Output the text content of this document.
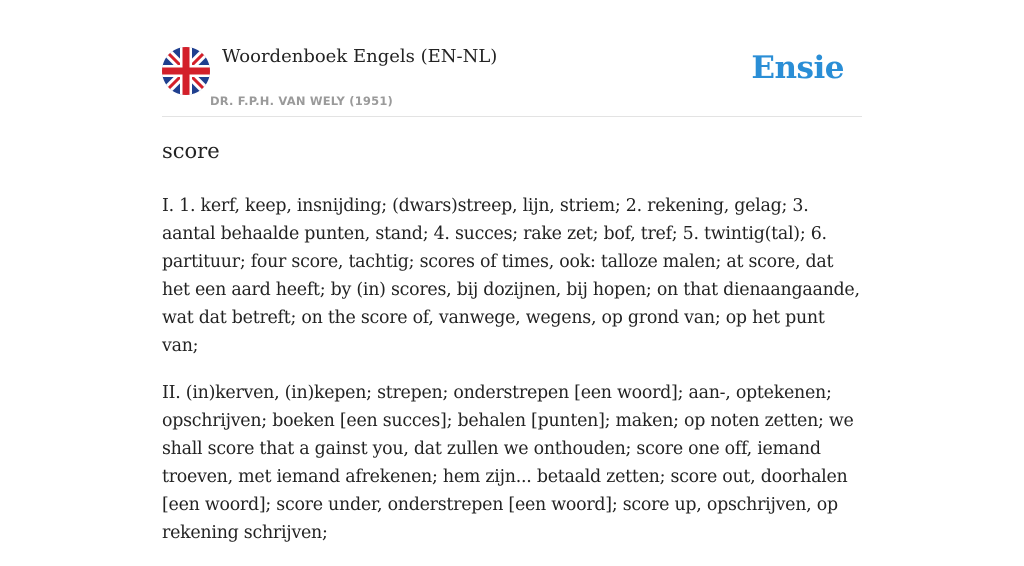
Woordenboek Engels (EN-NL)
DR. F.P.H. VAN WELY (1951)
Ensie
score

I. 1. kerf, keep, insnijding; (dwars)streep, lijn, striem; 2. rekening, gelag; 3. aantal behaalde punten, stand; 4. succes; rake zet; bof, tref; 5. twintig(tal); 6. partituur; four score, tachtig; scores of times, ook: talloze malen; at score, dat het een aard heeft; by (in) scores, bij dozijnen, bij hopen; on that dienaangaande, wat dat betreft; on the score of, vanwege, wegens, op grond van; op het punt van;

II. (in)kerven, (in)kepen; strepen; onderstrepen [een woord]; aan-, optekenen; opschrijven; boeken [een succes]; behalen [punten]; maken; op noten zetten; we shall score that a gainst you, dat zullen we onthouden; score one off, iemand troeven, met iemand afrekenen; hem zijn... betaald zetten; score out, doorhalen [een woord]; score under, onderstrepen [een woord]; score up, opschrijven, op rekening schrijven;
